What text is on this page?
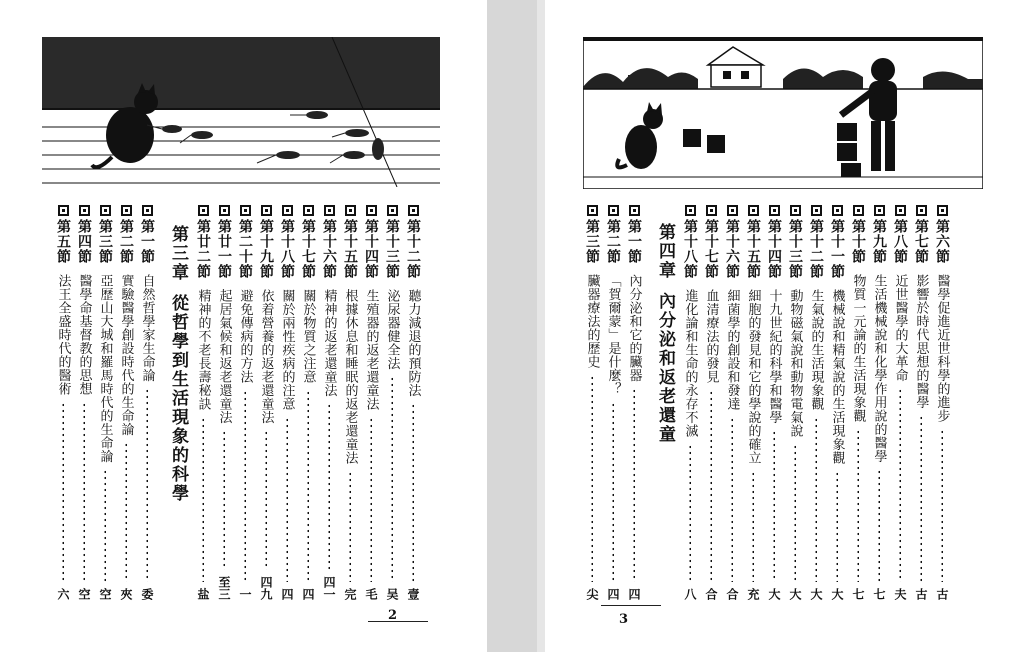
第十二節
聽力減退的預防法
壹
第十三節
泌尿器健全法
吴
第十四節
生殖器的返老還童法
毛
第十五節
根據休息和睡眠的返老還童法
完
第十六節
精神的返老還童法
四一
第十七節
關於物質之注意
四
第十八節
關於兩性疾病的注意
四
第十九節
依着營養的返老還童法
四九
第二十節
避免傳病的方法
一
第廿一節
起居氣候和返老還童法
至三
第廿二節
精神的不老長壽秘訣
盐
第三章從哲學到生活現象的科學
第一節
自然哲學家生命論
委
第二節
實驗醫學創設時代的生命論
夾
第三節
亞歷山大城和羅馬時代的生命論
空
第四節
醫學命基督教的思想
空
第五節
法王全盛時代的醫術
六
2
第六節
醫學促進近世科學的進步
古
第七節
影響於時代思想的醫學
古
第八節
近世醫學的大革命
夫
第九節
生活機械說和化學作用說的醫學
七
第十節
物質一元論的生活現象觀
七
第十一節
機械說和精氣說的生活現象觀
大
第十二節
生氣說的生活現象觀
大
第十三節
動物磁氣說和動物電氣說
大
第十四節
十九世紀的科學和醫學
大
第十五節
細胞的發見和它的學說的確立
充
第十六節
細菌學的創設和發達
合
第十七節
血清療法的發見
合
第十八節
進化論和生命的永存不滅
八
第四章內分泌和返老還童
第一節
內分泌和它的臟器
四
第二節
「賀爾蒙」是什麼？
四
第三節
臟器療法的歷史
尖
3
